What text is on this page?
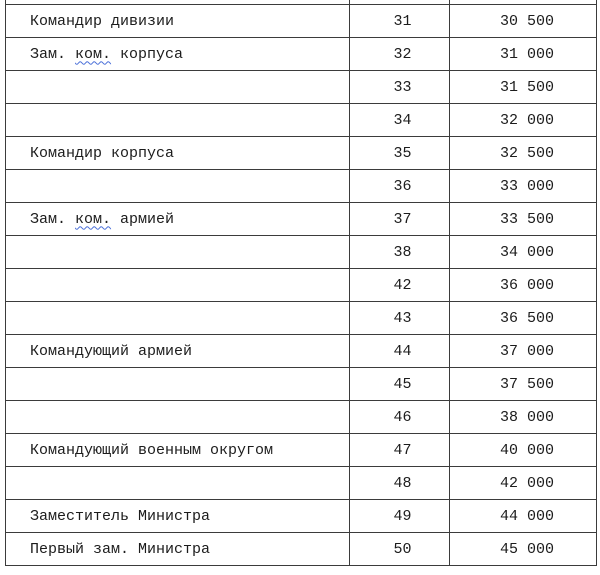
Командир дивизии	31	30 500
Зам. ком. корпуса	32	31 000
	33	31 500
	34	32 000
Командир корпуса	35	32 500
	36	33 000
Зам. ком. армией	37	33 500
	38	34 000
	42	36 000
	43	36 500
Командующий армией	44	37 000
	45	37 500
	46	38 000
Командующий военным округом	47	40 000
	48	42 000
Заместитель Министра	49	44 000
Первый зам. Министра	50	45 000
